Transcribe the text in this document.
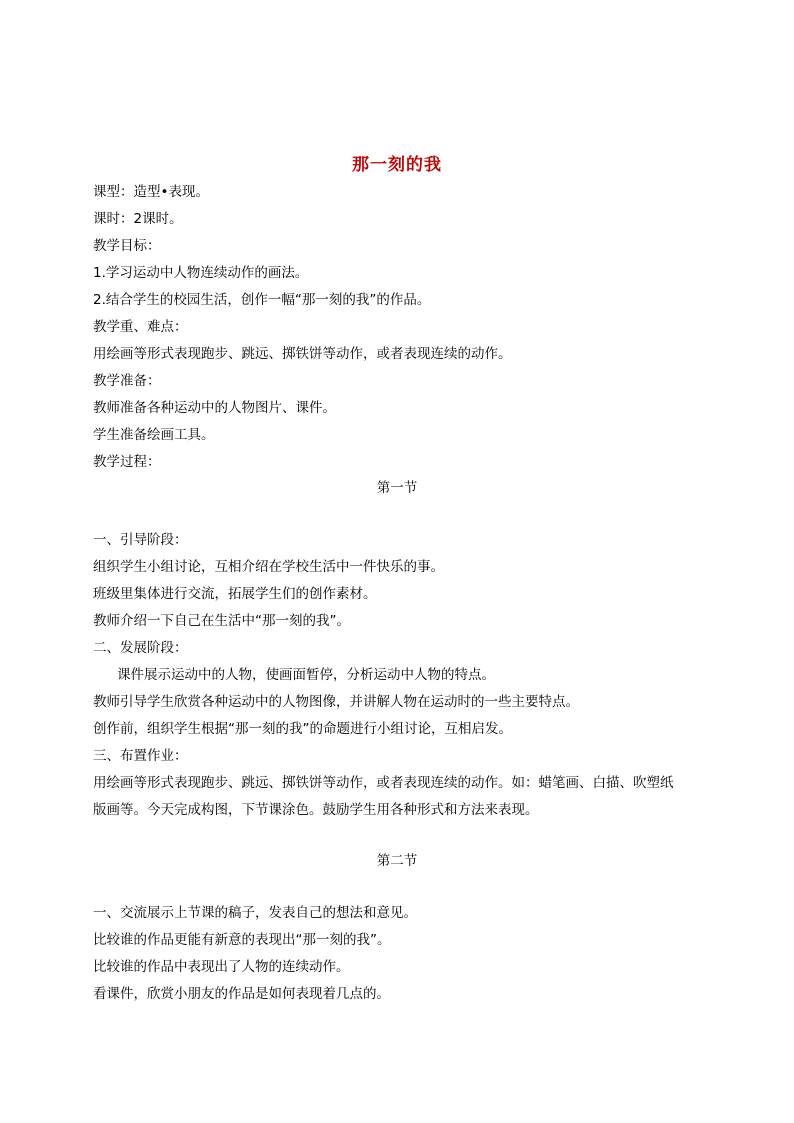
那一刻的我
课型：造型•表现。
课时：2课时。
教学目标：
1.学习运动中人物连续动作的画法。
2.结合学生的校园生活，创作一幅“那一刻的我”的作品。
教学重、难点：
用绘画等形式表现跑步、跳远、掷铁饼等动作，或者表现连续的动作。
教学准备：
教师准备各种运动中的人物图片、课件。
学生准备绘画工具。
教学过程：
第一节
一、引导阶段：
组织学生小组讨论，互相介绍在学校生活中一件快乐的事。
班级里集体进行交流，拓展学生们的创作素材。
教师介绍一下自己在生活中“那一刻的我”。
二、发展阶段：
课件展示运动中的人物，使画面暂停，分析运动中人物的特点。
教师引导学生欣赏各种运动中的人物图像，并讲解人物在运动时的一些主要特点。
创作前，组织学生根据“那一刻的我”的命题进行小组讨论，互相启发。
三、布置作业：
用绘画等形式表现跑步、跳远、掷铁饼等动作，或者表现连续的动作。如：蜡笔画、白描、吹塑纸
版画等。今天完成构图，下节课涂色。鼓励学生用各种形式和方法来表现。
第二节
一、交流展示上节课的稿子，发表自己的想法和意见。
比较谁的作品更能有新意的表现出“那一刻的我”。
比较谁的作品中表现出了人物的连续动作。
看课件，欣赏小朋友的作品是如何表现着几点的。
